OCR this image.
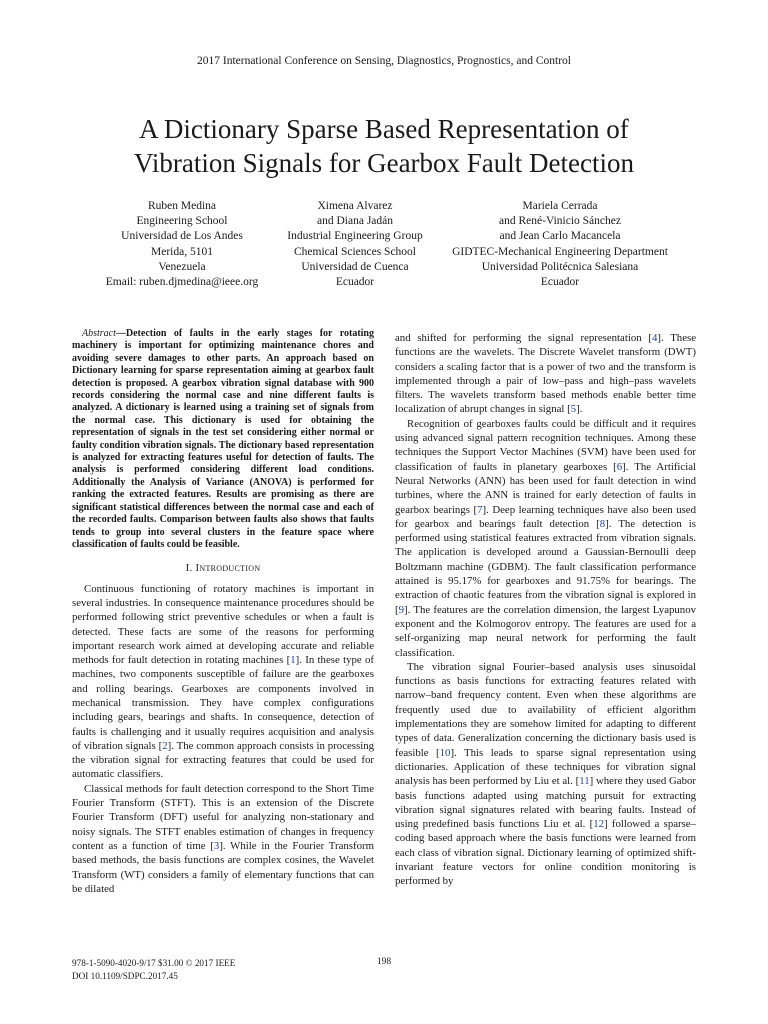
2017 International Conference on Sensing, Diagnostics, Prognostics, and Control
A Dictionary Sparse Based Representation of
Vibration Signals for Gearbox Fault Detection
Ruben Medina
Engineering School
Universidad de Los Andes
Merida, 5101
Venezuela
Email: ruben.djmedina@ieee.org
Ximena Alvarez
and Diana Jadán
Industrial Engineering Group
Chemical Sciences School
Universidad de Cuenca
Ecuador
Mariela Cerrada
and René-Vinicio Sánchez
and Jean Carlo Macancela
GIDTEC-Mechanical Engineering Department
Universidad Politécnica Salesiana
Ecuador

Abstract—Detection of faults in the early stages for rotating machinery is important for optimizing maintenance chores and avoiding severe damages to other parts. An approach based on Dictionary learning for sparse representation aiming at gearbox fault detection is proposed. A gearbox vibration signal database with 900 records considering the normal case and nine different faults is analyzed. A dictionary is learned using a training set of signals from the normal case. This dictionary is used for obtaining the representation of signals in the test set considering either normal or faulty condition vibration signals. The dictionary based representation is analyzed for extracting features useful for detection of faults. The analysis is performed considering different load conditions. Additionally the Analysis of Variance (ANOVA) is performed for ranking the extracted features. Results are promising as there are significant statistical differences between the normal case and each of the recorded faults. Comparison between faults also shows that faults tends to group into several clusters in the feature space where classification of faults could be feasible.

I. Introduction

Continuous functioning of rotatory machines is important in several industries. In consequence maintenance procedures should be performed following strict preventive schedules or when a fault is detected. These facts are some of the reasons for performing important research work aimed at developing accurate and reliable methods for fault detection in rotating machines [1]. In these type of machines, two components susceptible of failure are the gearboxes and rolling bearings. Gearboxes are components involved in mechanical transmission. They have complex configurations including gears, bearings and shafts. In consequence, detection of faults is challenging and it usually requires acquisition and analysis of vibration signals [2]. The common approach consists in processing the vibration signal for extracting features that could be used for automatic classifiers.

Classical methods for fault detection correspond to the Short Time Fourier Transform (STFT). This is an extension of the Discrete Fourier Transform (DFT) useful for analyzing non-stationary and noisy signals. The STFT enables estimation of changes in frequency content as a function of time [3]. While in the Fourier Transform based methods, the basis functions are complex cosines, the Wavelet Transform (WT) considers a family of elementary functions that can be dilated

and shifted for performing the signal representation [4]. These functions are the wavelets. The Discrete Wavelet transform (DWT) considers a scaling factor that is a power of two and the transform is implemented through a pair of low–pass and high–pass wavelets filters. The wavelets transform based methods enable better time localization of abrupt changes in signal [5].

Recognition of gearboxes faults could be difficult and it requires using advanced signal pattern recognition techniques. Among these techniques the Support Vector Machines (SVM) have been used for classification of faults in planetary gearboxes [6]. The Artificial Neural Networks (ANN) has been used for fault detection in wind turbines, where the ANN is trained for early detection of faults in gearbox bearings [7]. Deep learning techniques have also been used for gearbox and bearings fault detection [8]. The detection is performed using statistical features extracted from vibration signals. The application is developed around a Gaussian-Bernoulli deep Boltzmann machine (GDBM). The fault classification performance attained is 95.17% for gearboxes and 91.75% for bearings. The extraction of chaotic features from the vibration signal is explored in [9]. The features are the correlation dimension, the largest Lyapunov exponent and the Kolmogorov entropy. The features are used for a self-organizing map neural network for performing the fault classification.

The vibration signal Fourier–based analysis uses sinusoidal functions as basis functions for extracting features related with narrow–band frequency content. Even when these algorithms are frequently used due to availability of efficient algorithm implementations they are somehow limited for adapting to different types of data. Generalization concerning the dictionary basis used is feasible [10]. This leads to sparse signal representation using dictionaries. Application of these techniques for vibration signal analysis has been performed by Liu et al. [11] where they used Gabor basis functions adapted using matching pursuit for extracting vibration signal signatures related with bearing faults. Instead of using predefined basis functions Liu et al. [12] followed a sparse–coding based approach where the basis functions were learned from each class of vibration signal. Dictionary learning of optimized shift-invariant feature vectors for online condition monitoring is performed by

978-1-5090-4020-9/17 $31.00 © 2017 IEEE
DOI 10.1109/SDPC.2017.45
198
